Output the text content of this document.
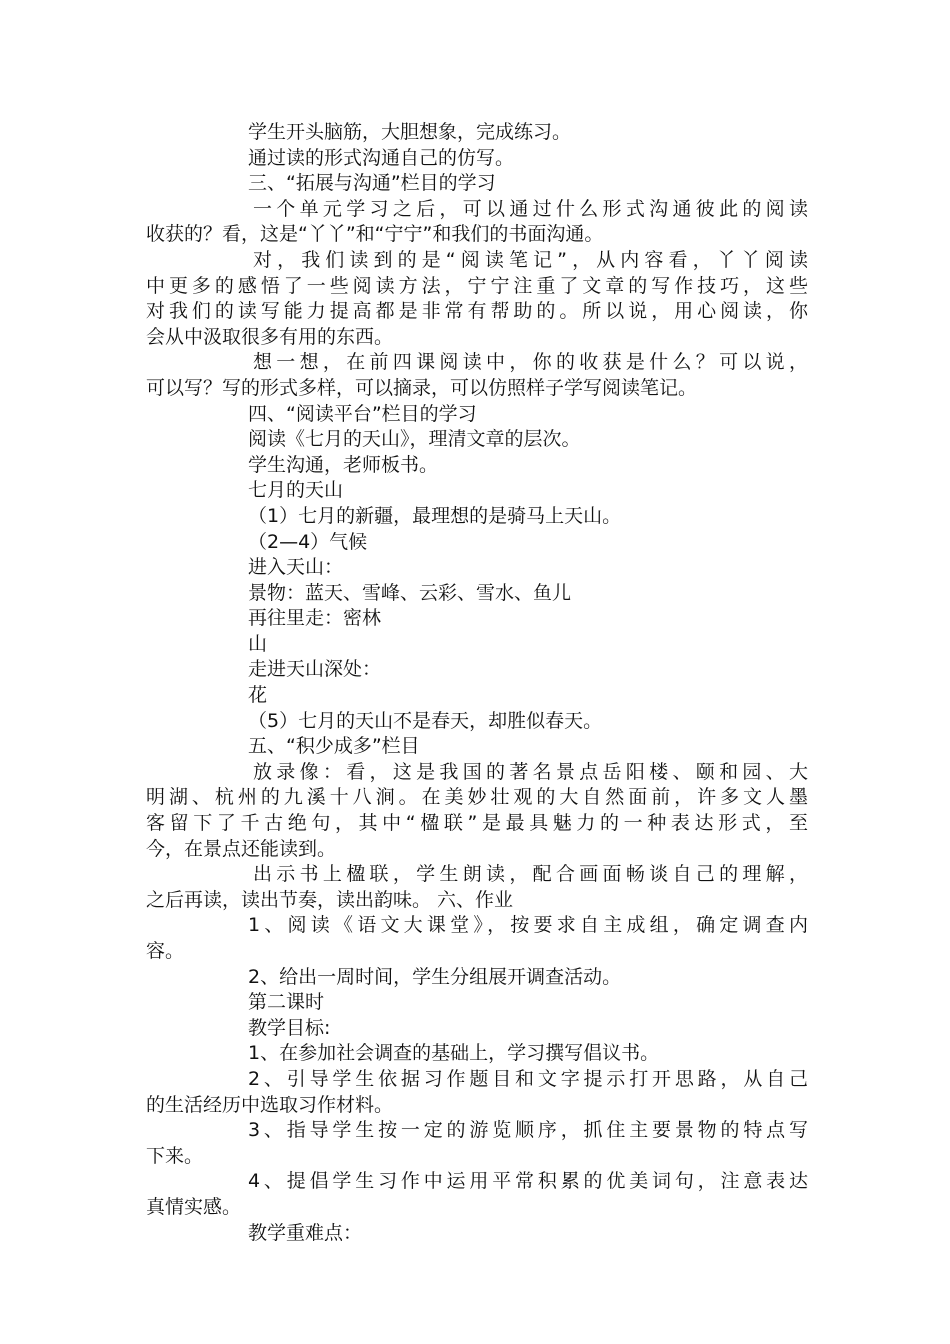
学生开头脑筋，大胆想象，完成练习。
通过读的形式沟通自己的仿写。
三、“拓展与沟通”栏目的学习
一个单元学习之后，可以通过什么形式沟通彼此的阅读
收获的？看，这是“丫丫”和“宁宁”和我们的书面沟通。
对，我们读到的是“阅读笔记”，从内容看，丫丫阅读
中更多的感悟了一些阅读方法，宁宁注重了文章的写作技巧，这些
对我们的读写能力提高都是非常有帮助的。所以说，用心阅读，你
会从中汲取很多有用的东西。
想一想，在前四课阅读中，你的收获是什么？可以说，
可以写？写的形式多样，可以摘录，可以仿照样子学写阅读笔记。
四、“阅读平台”栏目的学习
阅读《七月的天山》，理清文章的层次。
学生沟通，老师板书。
七月的天山
（1）七月的新疆，最理想的是骑马上天山。
（2—4）气候
进入天山：
景物：蓝天、雪峰、云彩、雪水、鱼儿
再往里走：密林
山
走进天山深处：
花
（5）七月的天山不是春天，却胜似春天。
五、“积少成多”栏目
放录像：看，这是我国的著名景点岳阳楼、颐和园、大
明湖、杭州的九溪十八涧。在美妙壮观的大自然面前，许多文人墨
客留下了千古绝句，其中“楹联”是最具魅力的一种表达形式，至
今，在景点还能读到。
出示书上楹联，学生朗读，配合画面畅谈自己的理解，
之后再读，读出节奏，读出韵味。 六、作业
1、阅读《语文大课堂》，按要求自主成组，确定调查内
容。
2、给出一周时间，学生分组展开调查活动。
第二课时
教学目标:
1、在参加社会调查的基础上，学习撰写倡议书。
2、引导学生依据习作题目和文字提示打开思路，从自己
的生活经历中选取习作材料。
3、指导学生按一定的游览顺序，抓住主要景物的特点写
下来。
4、提倡学生习作中运用平常积累的优美词句，注意表达
真情实感。
教学重难点：
